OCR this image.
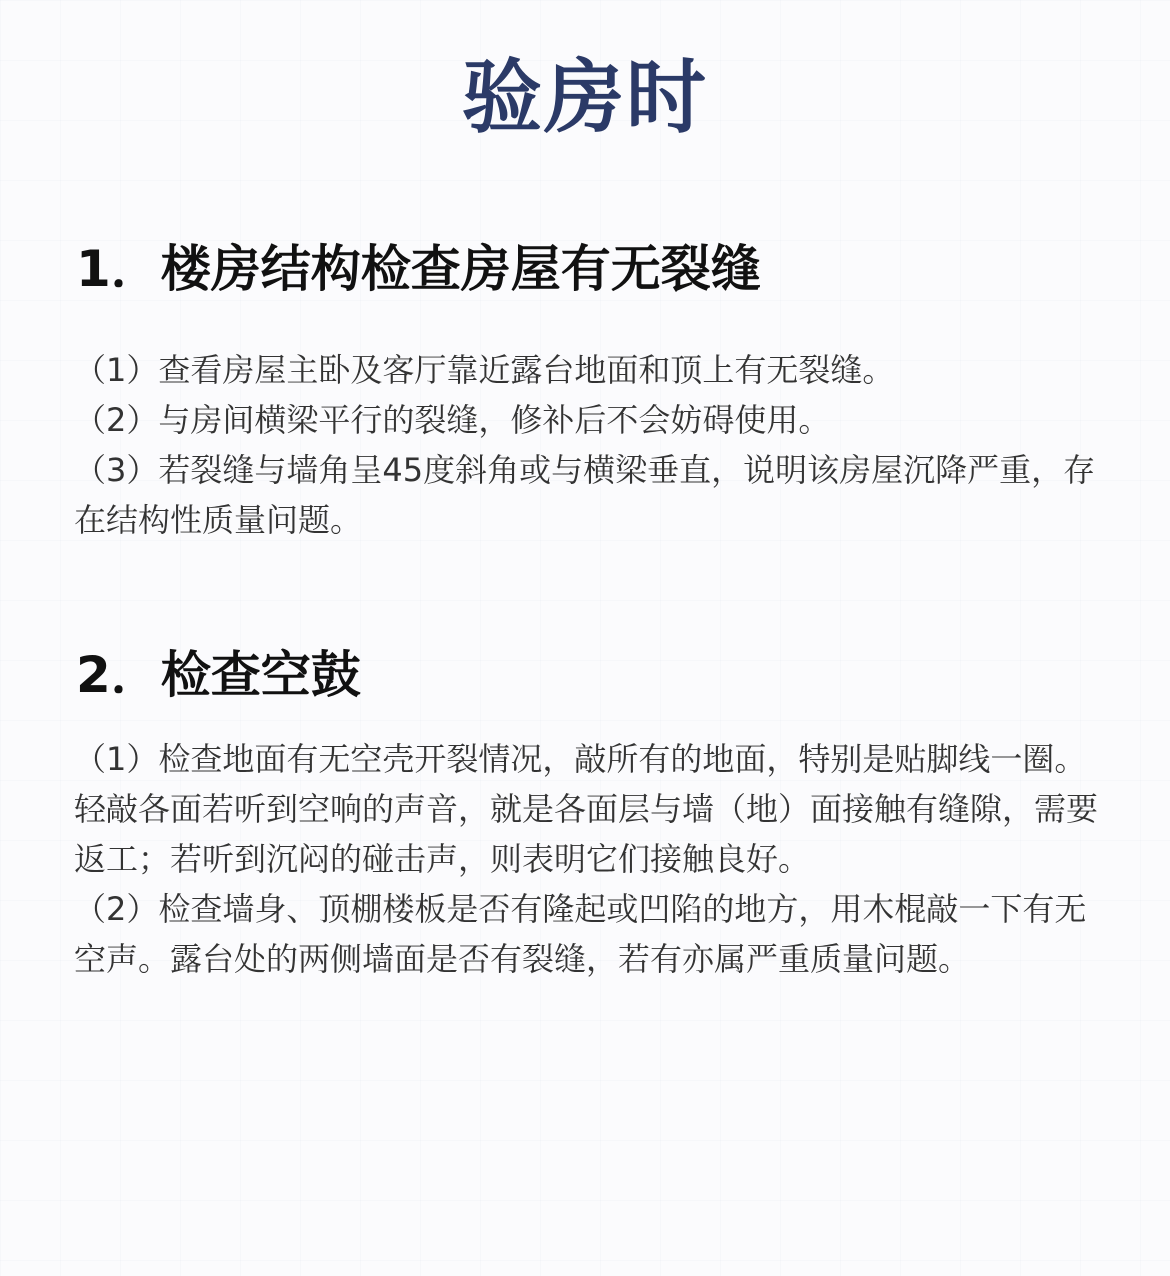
验房时
1．楼房结构检查房屋有无裂缝

（1）查看房屋主卧及客厅靠近露台地面和顶上有无裂缝。

（2）与房间横梁平行的裂缝，修补后不会妨碍使用。

（3）若裂缝与墙角呈45度斜角或与横梁垂直，说明该房屋沉降严重，存在结构性质量问题。

2．检查空鼓

（1）检查地面有无空壳开裂情况，敲所有的地面，特别是贴脚线一圈。轻敲各面若听到空响的声音，就是各面层与墙（地）面接触有缝隙，需要返工；若听到沉闷的碰击声，则表明它们接触良好。

（2）检查墙身、顶棚楼板是否有隆起或凹陷的地方，用木棍敲一下有无空声。露台处的两侧墙面是否有裂缝，若有亦属严重质量问题。
